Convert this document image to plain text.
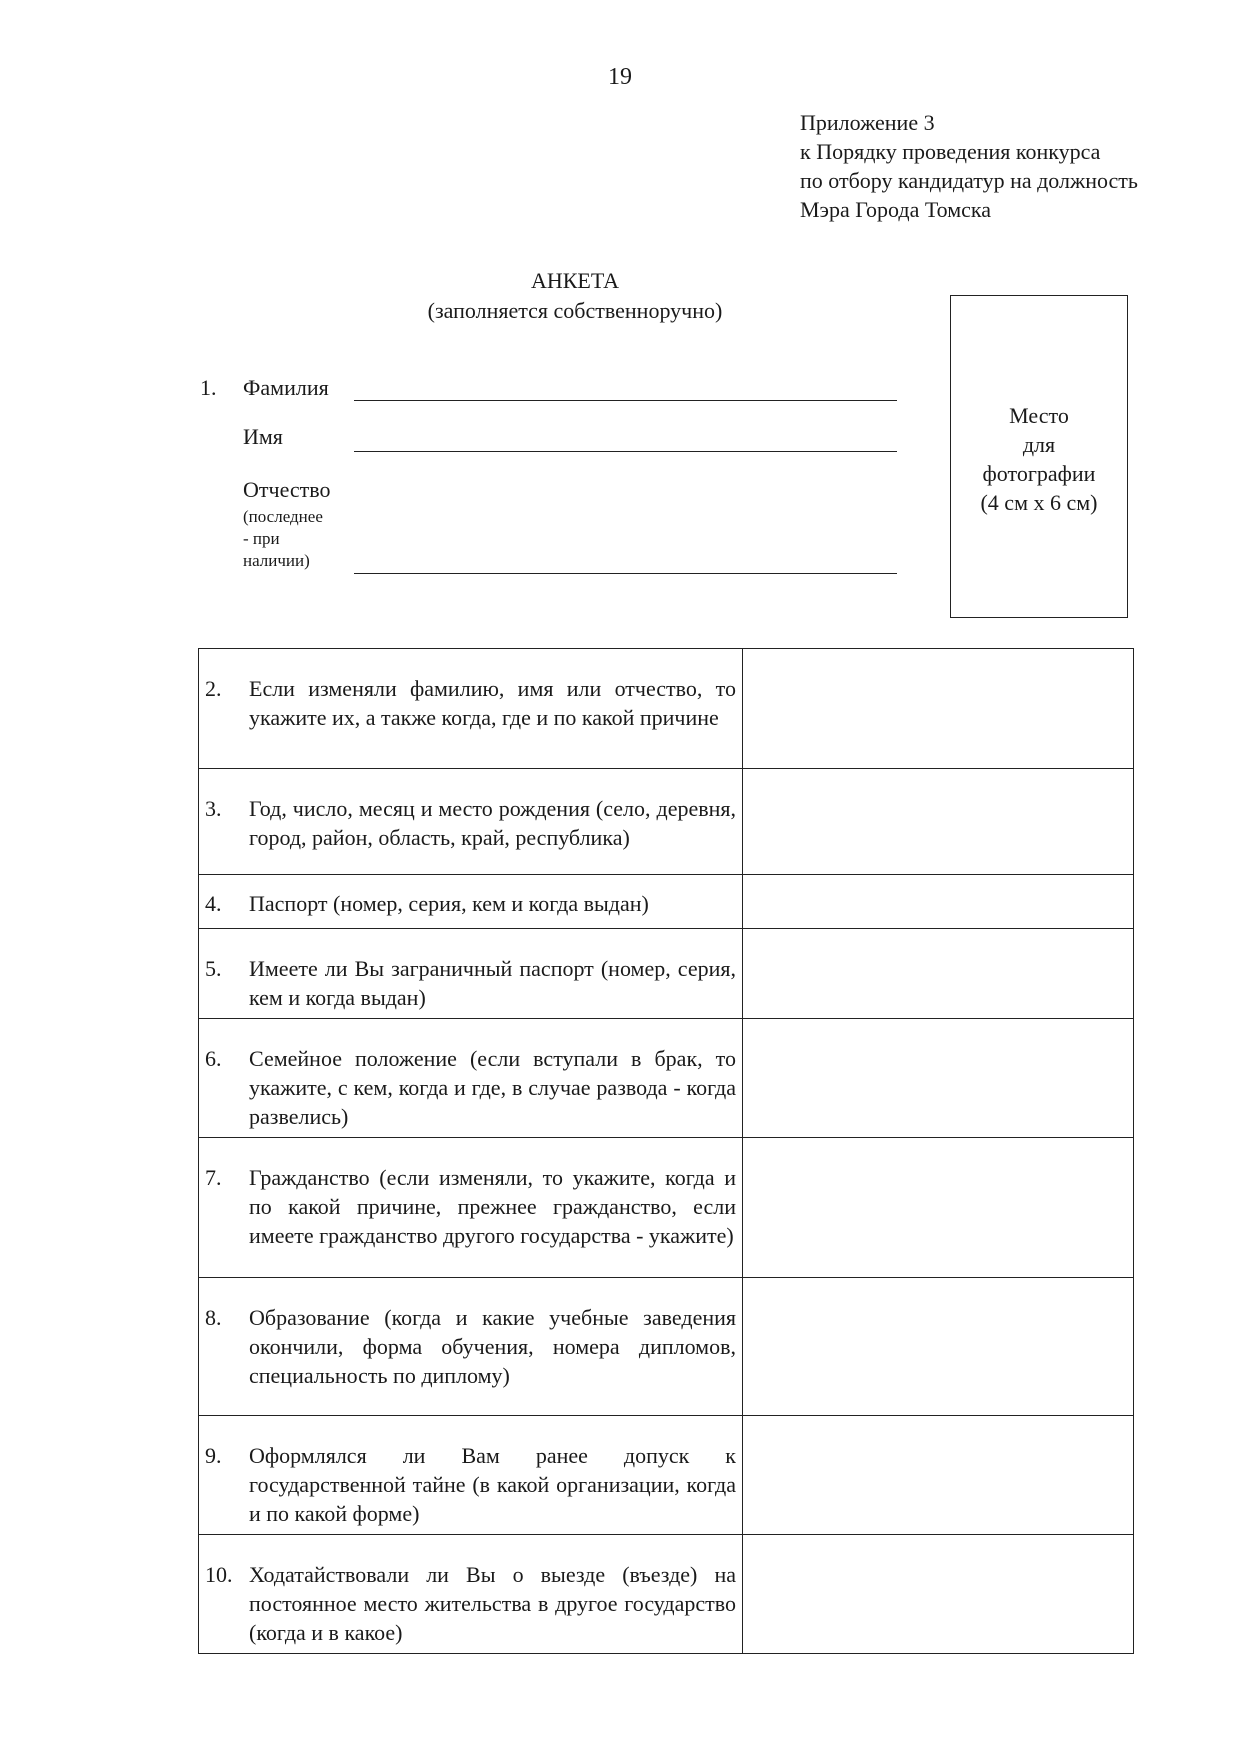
19
Приложение 3
к Порядку проведения конкурса
по отбору кандидатур на должность
Мэра Города Томска
АНКЕТА
(заполняется собственноручно)
Место
для
фотографии
(4 см х 6 см)
1. Фамилия
Имя
Отчество
(последнее
- при
наличии)
2. Если изменяли фамилию, имя или отчество, то укажите их, а также когда, где и по какой причине	

3. Год, число, месяц и место рождения (село, деревня, город, район, область, край, республика)	

4. Паспорт (номер, серия, кем и когда выдан)	

5. Имеете ли Вы заграничный паспорт (номер, серия, кем и когда выдан)	

6. Семейное положение (если вступали в брак, то укажите, с кем, когда и где, в случае развода - когда развелись)	

7. Гражданство (если изменяли, то укажите, когда и по какой причине, прежнее гражданство, если имеете гражданство другого государства - укажите)	

8. Образование (когда и какие учебные заведения окончили, форма обучения, номера дипломов, специальность по диплому)	

9. Оформлялся ли Вам ранее допуск к государственной тайне (в какой организации, когда и по какой форме)	

10. Ходатайствовали ли Вы о выезде (въезде) на постоянное место жительства в другое государство (когда и в какое)	
